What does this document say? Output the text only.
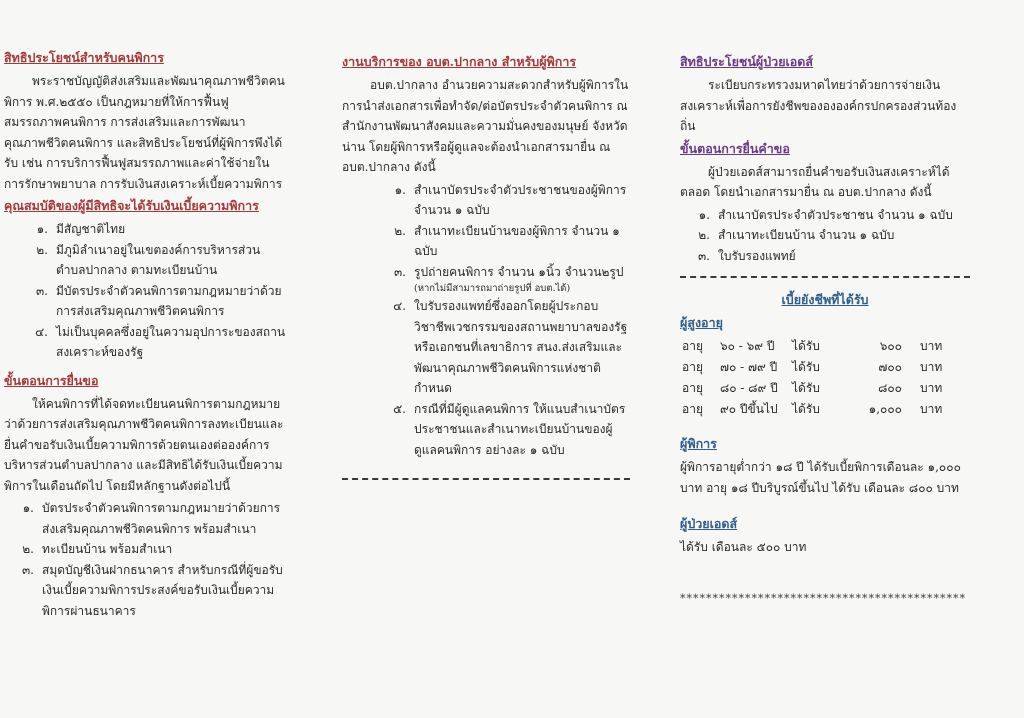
สิทธิประโยชน์สำหรับคนพิการ

พระราชบัญญัติส่งเสริมและพัฒนาคุณภาพชีวิตคนพิการ พ.ศ.๒๕๕๐ เป็นกฎหมายที่ให้การฟื้นฟูสมรรถภาพคนพิการ การส่งเสริมและการพัฒนาคุณภาพชีวิตคนพิการ และสิทธิประโยชน์ที่ผู้พิการพึงได้รับ เช่น การบริการฟื้นฟูสมรรถภาพและค่าใช้จ่ายในการรักษาพยาบาล การรับเงินสงเคราะห์เบี้ยความพิการ

คุณสมบัติของผู้มีสิทธิจะได้รับเงินเบี้ยความพิการ
๑. มีสัญชาติไทย
๒. มีภูมิลำเนาอยู่ในเขตองค์การบริหารส่วนตำบลปากลาง ตามทะเบียนบ้าน
๓. มีบัตรประจำตัวคนพิการตามกฎหมายว่าด้วยการส่งเสริมคุณภาพชีวิตคนพิการ
๔. ไม่เป็นบุคคลซึ่งอยู่ในความอุปการะของสถานสงเคราะห์ของรัฐ
ขั้นตอนการยื่นขอ

ให้คนพิการที่ได้จดทะเบียนคนพิการตามกฎหมายว่าด้วยการส่งเสริมคุณภาพชีวิตคนพิการลงทะเบียนและยื่นคำขอรับเงินเบี้ยความพิการด้วยตนเองต่อองค์การบริหารส่วนตำบลปากลาง และมีสิทธิได้รับเงินเบี้ยความพิการในเดือนถัดไป โดยมีหลักฐานดังต่อไปนี้

๑. บัตรประจำตัวคนพิการตามกฎหมายว่าด้วยการส่งเสริมคุณภาพชีวิตคนพิการ พร้อมสำเนา
๒. ทะเบียนบ้าน พร้อมสำเนา
๓. สมุดบัญชีเงินฝากธนาคาร สำหรับกรณีที่ผู้ขอรับเงินเบี้ยความพิการประสงค์ขอรับเงินเบี้ยความพิการผ่านธนาคาร
งานบริการของ อบต.ปากลาง สำหรับผู้พิการ

อบต.ปากลาง อำนวยความสะดวกสำหรับผู้พิการในการนำส่งเอกสารเพื่อทำจัด/ต่อบัตรประจำตัวคนพิการ ณ สำนักงานพัฒนาสังคมและความมั่นคงของมนุษย์ จังหวัดน่าน โดยผู้พิการหรือผู้ดูแลจะต้องนำเอกสารมายื่น ณ อบต.ปากลาง ดังนี้

๑. สำเนาบัตรประจำตัวประชาชนของผู้พิการ จำนวน ๑ ฉบับ
๒. สำเนาทะเบียนบ้านของผู้พิการ จำนวน ๑ ฉบับ
๓. รูปถ่ายคนพิการ จำนวน ๑นิ้ว จำนวน๒รูป
(หากไม่มีสามารถมาถ่ายรูปที่ อบต.ได้)
๔. ใบรับรองแพทย์ซึ่งออกโดยผู้ประกอบวิชาชีพเวชกรรมของสถานพยาบาลของรัฐหรือเอกชนที่เลขาธิการ สนง.ส่งเสริมและพัฒนาคุณภาพชีวิตคนพิการแห่งชาติกำหนด
๕. กรณีที่มีผู้ดูแลคนพิการ ให้แนบสำเนาบัตรประชาชนและสำเนาทะเบียนบ้านของผู้ดูแลคนพิการ อย่างละ ๑ ฉบับ
สิทธิประโยชน์ผู้ป่วยเอดส์

ระเบียบกระทรวงมหาดไทยว่าด้วยการจ่ายเงินสงเคราะห์เพื่อการยังชีพของององค์กรปกครองส่วนท้องถิ่น

ขั้นตอนการยื่นคำขอ

ผู้ป่วยเอดส์สามารถยื่นคำขอรับเงินสงเคราะห์ได้ตลอด โดยนำเอกสารมายื่น ณ อบต.ปากลาง ดังนี้

๑. สำเนาบัตรประจำตัวประชาชน จำนวน ๑ ฉบับ
๒. สำเนาทะเบียนบ้าน จำนวน ๑ ฉบับ
๓. ใบรับรองแพทย์
เบี้ยยังชีพที่ได้รับ
ผู้สูงอายุ
อายุ	๖๐ - ๖๙ ปี	ได้รับ	๖๐๐	บาท
อายุ	๗๐ - ๗๙ ปี	ได้รับ	๗๐๐	บาท
อายุ	๘๐ - ๘๙ ปี	ได้รับ	๘๐๐	บาท
อายุ	๙๐ ปีขึ้นไป	ได้รับ	๑,๐๐๐	บาท
ผู้พิการ

ผู้พิการอายุต่ำกว่า ๑๘ ปี ได้รับเบี้ยพิการเดือนละ ๑,๐๐๐ บาท อายุ ๑๘ ปีบริบูรณ์ขึ้นไป ได้รับ เดือนละ ๘๐๐ บาท

ผู้ป่วยเอดส์

ได้รับ เดือนละ ๕๐๐ บาท

********************************************
